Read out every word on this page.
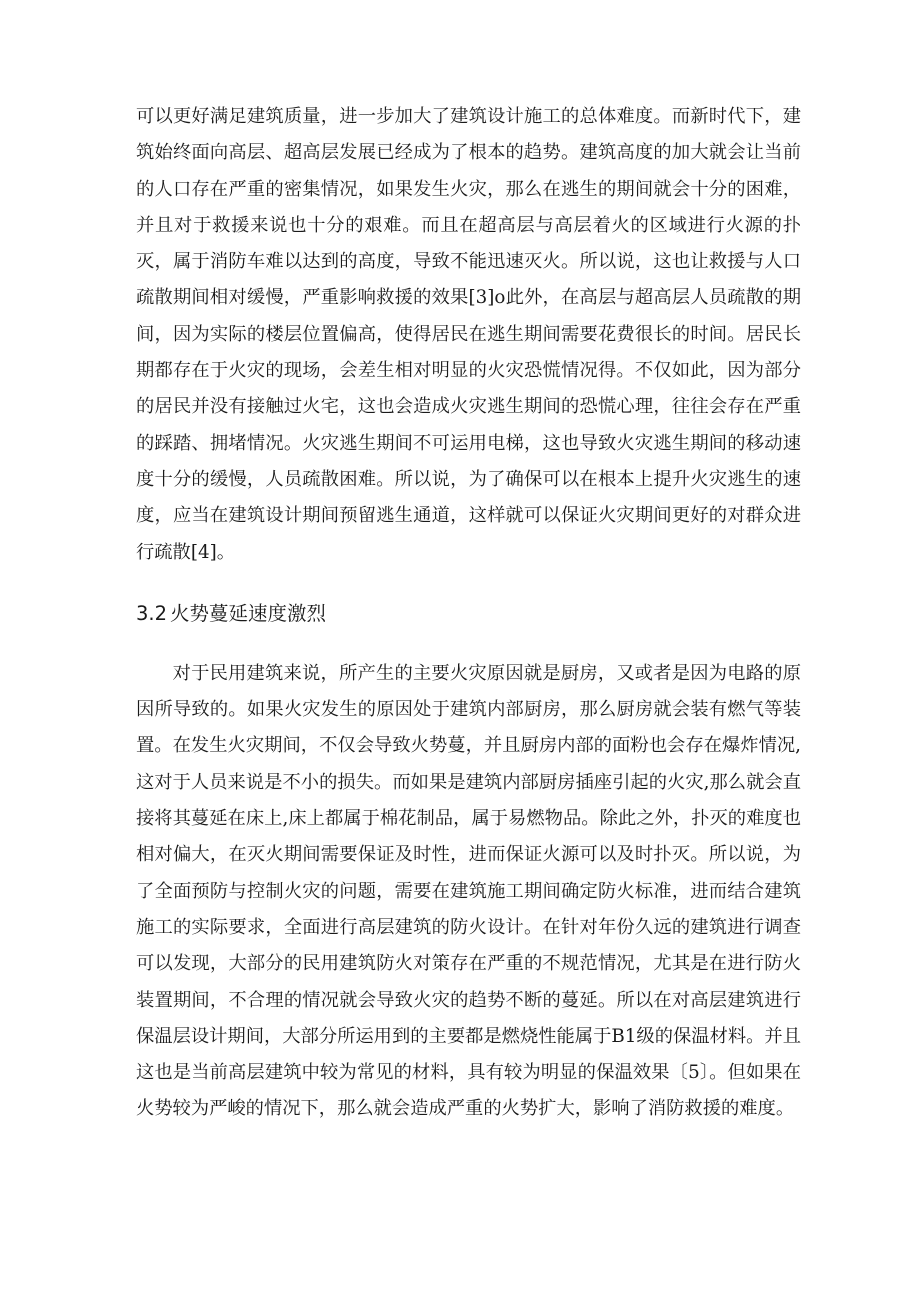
可以更好满足建筑质量，进一步加大了建筑设计施工的总体难度。而新时代下，建筑始终面向高层、超高层发展已经成为了根本的趋势。建筑高度的加大就会让当前的人口存在严重的密集情况，如果发生火灾，那么在逃生的期间就会十分的困难，并且对于救援来说也十分的艰难。而且在超高层与高层着火的区域进行火源的扑灭，属于消防车难以达到的高度，导致不能迅速灭火。所以说，这也让救援与人口疏散期间相对缓慢，严重影响救援的效果[3]o此外，在高层与超高层人员疏散的期间，因为实际的楼层位置偏高，使得居民在逃生期间需要花费很长的时间。居民长期都存在于火灾的现场，会差生相对明显的火灾恐慌情况得。不仅如此，因为部分的居民并没有接触过火宅，这也会造成火灾逃生期间的恐慌心理，往往会存在严重的踩踏、拥堵情况。火灾逃生期间不可运用电梯，这也导致火灾逃生期间的移动速度十分的缓慢，人员疏散困难。所以说，为了确保可以在根本上提升火灾逃生的速度，应当在建筑设计期间预留逃生通道，这样就可以保证火灾期间更好的对群众进行疏散[4]。

3.2 火势蔓延速度激烈

对于民用建筑来说，所产生的主要火灾原因就是厨房，又或者是因为电路的原因所导致的。如果火灾发生的原因处于建筑内部厨房，那么厨房就会装有燃气等装置。在发生火灾期间，不仅会导致火势蔓，并且厨房内部的面粉也会存在爆炸情况,这对于人员来说是不小的损失。而如果是建筑内部厨房插座引起的火灾,那么就会直接将其蔓延在床上,床上都属于棉花制品，属于易燃物品。除此之外，扑灭的难度也相对偏大，在灭火期间需要保证及时性，进而保证火源可以及时扑灭。所以说，为了全面预防与控制火灾的问题，需要在建筑施工期间确定防火标准，进而结合建筑施工的实际要求，全面进行高层建筑的防火设计。在针对年份久远的建筑进行调查可以发现，大部分的民用建筑防火对策存在严重的不规范情况，尤其是在进行防火装置期间，不合理的情况就会导致火灾的趋势不断的蔓延。所以在对高层建筑进行保温层设计期间，大部分所运用到的主要都是燃烧性能属于B1级的保温材料。并且这也是当前高层建筑中较为常见的材料，具有较为明显的保温效果〔5〕。但如果在火势较为严峻的情况下，那么就会造成严重的火势扩大，影响了消防救援的难度。
